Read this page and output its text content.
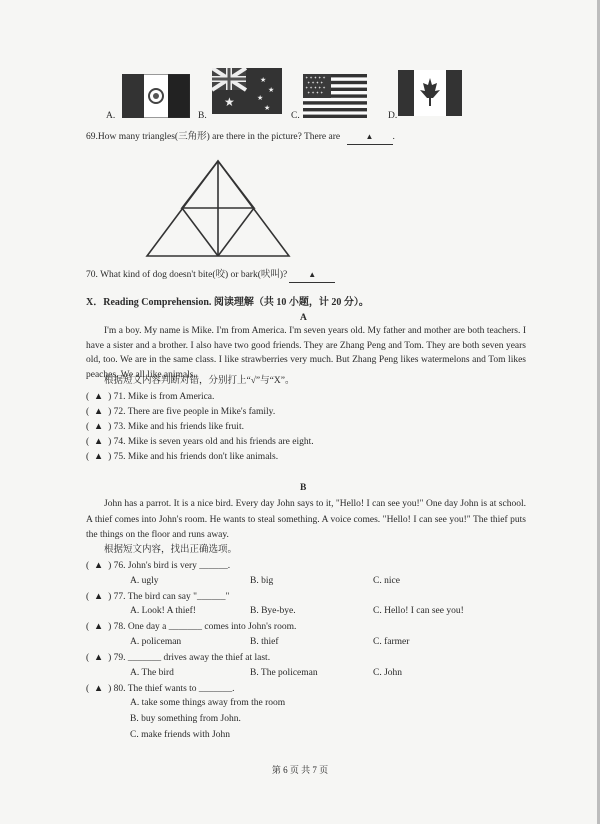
A.	B.
★
★
★
★
★
C.
✦ ✦ ✦ ✦ ✦
✦ ✦ ✦ ✦
✦ ✦ ✦ ✦ ✦
✦ ✦ ✦ ✦
D.
69.How many triangles(三角形) are there in the picture? There are	▲ .
70. What kind of dog doesn't bite(咬) or bark(吠叫)?	▲
X．Reading Comprehension. 阅读理解（共 10 小题，计 20 分）。
A
I'm a boy. My name is Mike. I'm from America. I'm seven years old. My father and mother are both teachers. I have a sister and a brother. I also have two good friends. They are Zhang Peng and Tom. They are both seven years old, too. We are in the same class. I like strawberries very much. But Zhang Peng likes watermelons and Tom likes peaches. We all like animals.
根据短文内容判断对错，分别打上“√”与“X”。
( ▲ ) 71. Mike is from America.
( ▲ ) 72. There are five people in Mike's family.
( ▲ ) 73. Mike and his friends like fruit.
( ▲ ) 74. Mike is seven years old and his friends are eight.
( ▲ ) 75. Mike and his friends don't like animals.
B
John has a parrot. It is a nice bird. Every day John says to it, "Hello! I can see you!" One day John is at school. A thief comes into John's room. He wants to steal something. A voice comes. "Hello! I can see you!" The thief puts the things on the floor and runs away.
根据短文内容，找出正确选项。
( ▲ ) 76. John's bird is very ______.
A. ugly	B. big	C. nice
( ▲ ) 77. The bird can say "______"
A. Look! A thief!	B. Bye-bye.	C. Hello! I can see you!
( ▲ ) 78. One day a _______ comes into John's room.
A. policeman	B. thief	C. farmer
( ▲ ) 79. _______ drives away the thief at last.
A. The bird	B. The policeman	C. John
( ▲ ) 80. The thief wants to _______.
A. take some things away from the room
B. buy something from John.
C. make friends with John
第 6 页 共 7 页
